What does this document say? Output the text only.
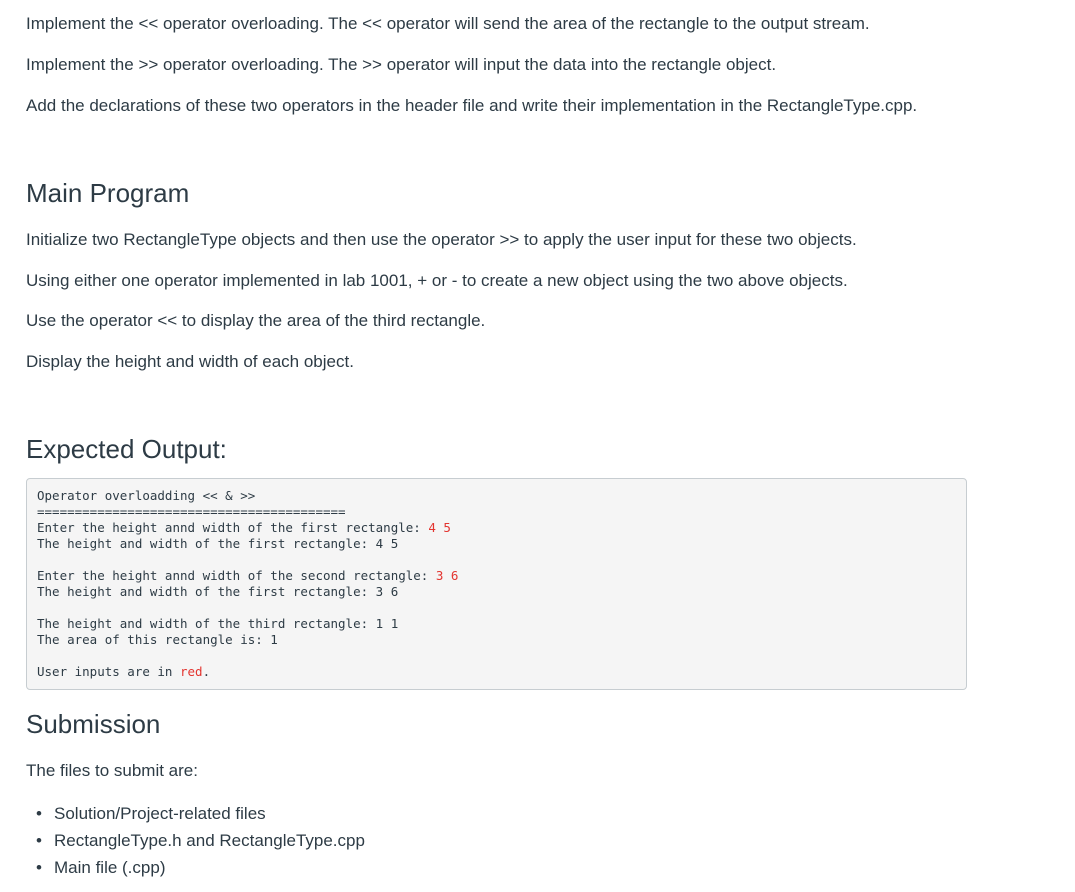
Implement the << operator overloading. The << operator will send the area of the rectangle to the output stream.

Implement the >> operator overloading. The >> operator will input the data into the rectangle object.

Add the declarations of these two operators in the header file and write their implementation in the RectangleType.cpp.

Main Program

Initialize two RectangleType objects and then use the operator >> to apply the user input for these two objects.

Using either one operator implemented in lab 1001, + or - to create a new object using the two above objects.

Use the operator << to display the area of the third rectangle.

Display the height and width of each object.

Expected Output:
Operator overloadding << & >>
=========================================
Enter the height annd width of the first rectangle: 4 5
The height and width of the first rectangle: 4 5
Enter the height annd width of the second rectangle: 3 6
The height and width of the first rectangle: 3 6
The height and width of the third rectangle: 1 1
The area of this rectangle is: 1
User inputs are in red.
Submission

The files to submit are:

• Solution/Project-related files
• RectangleType.h and RectangleType.cpp
• Main file (.cpp)
